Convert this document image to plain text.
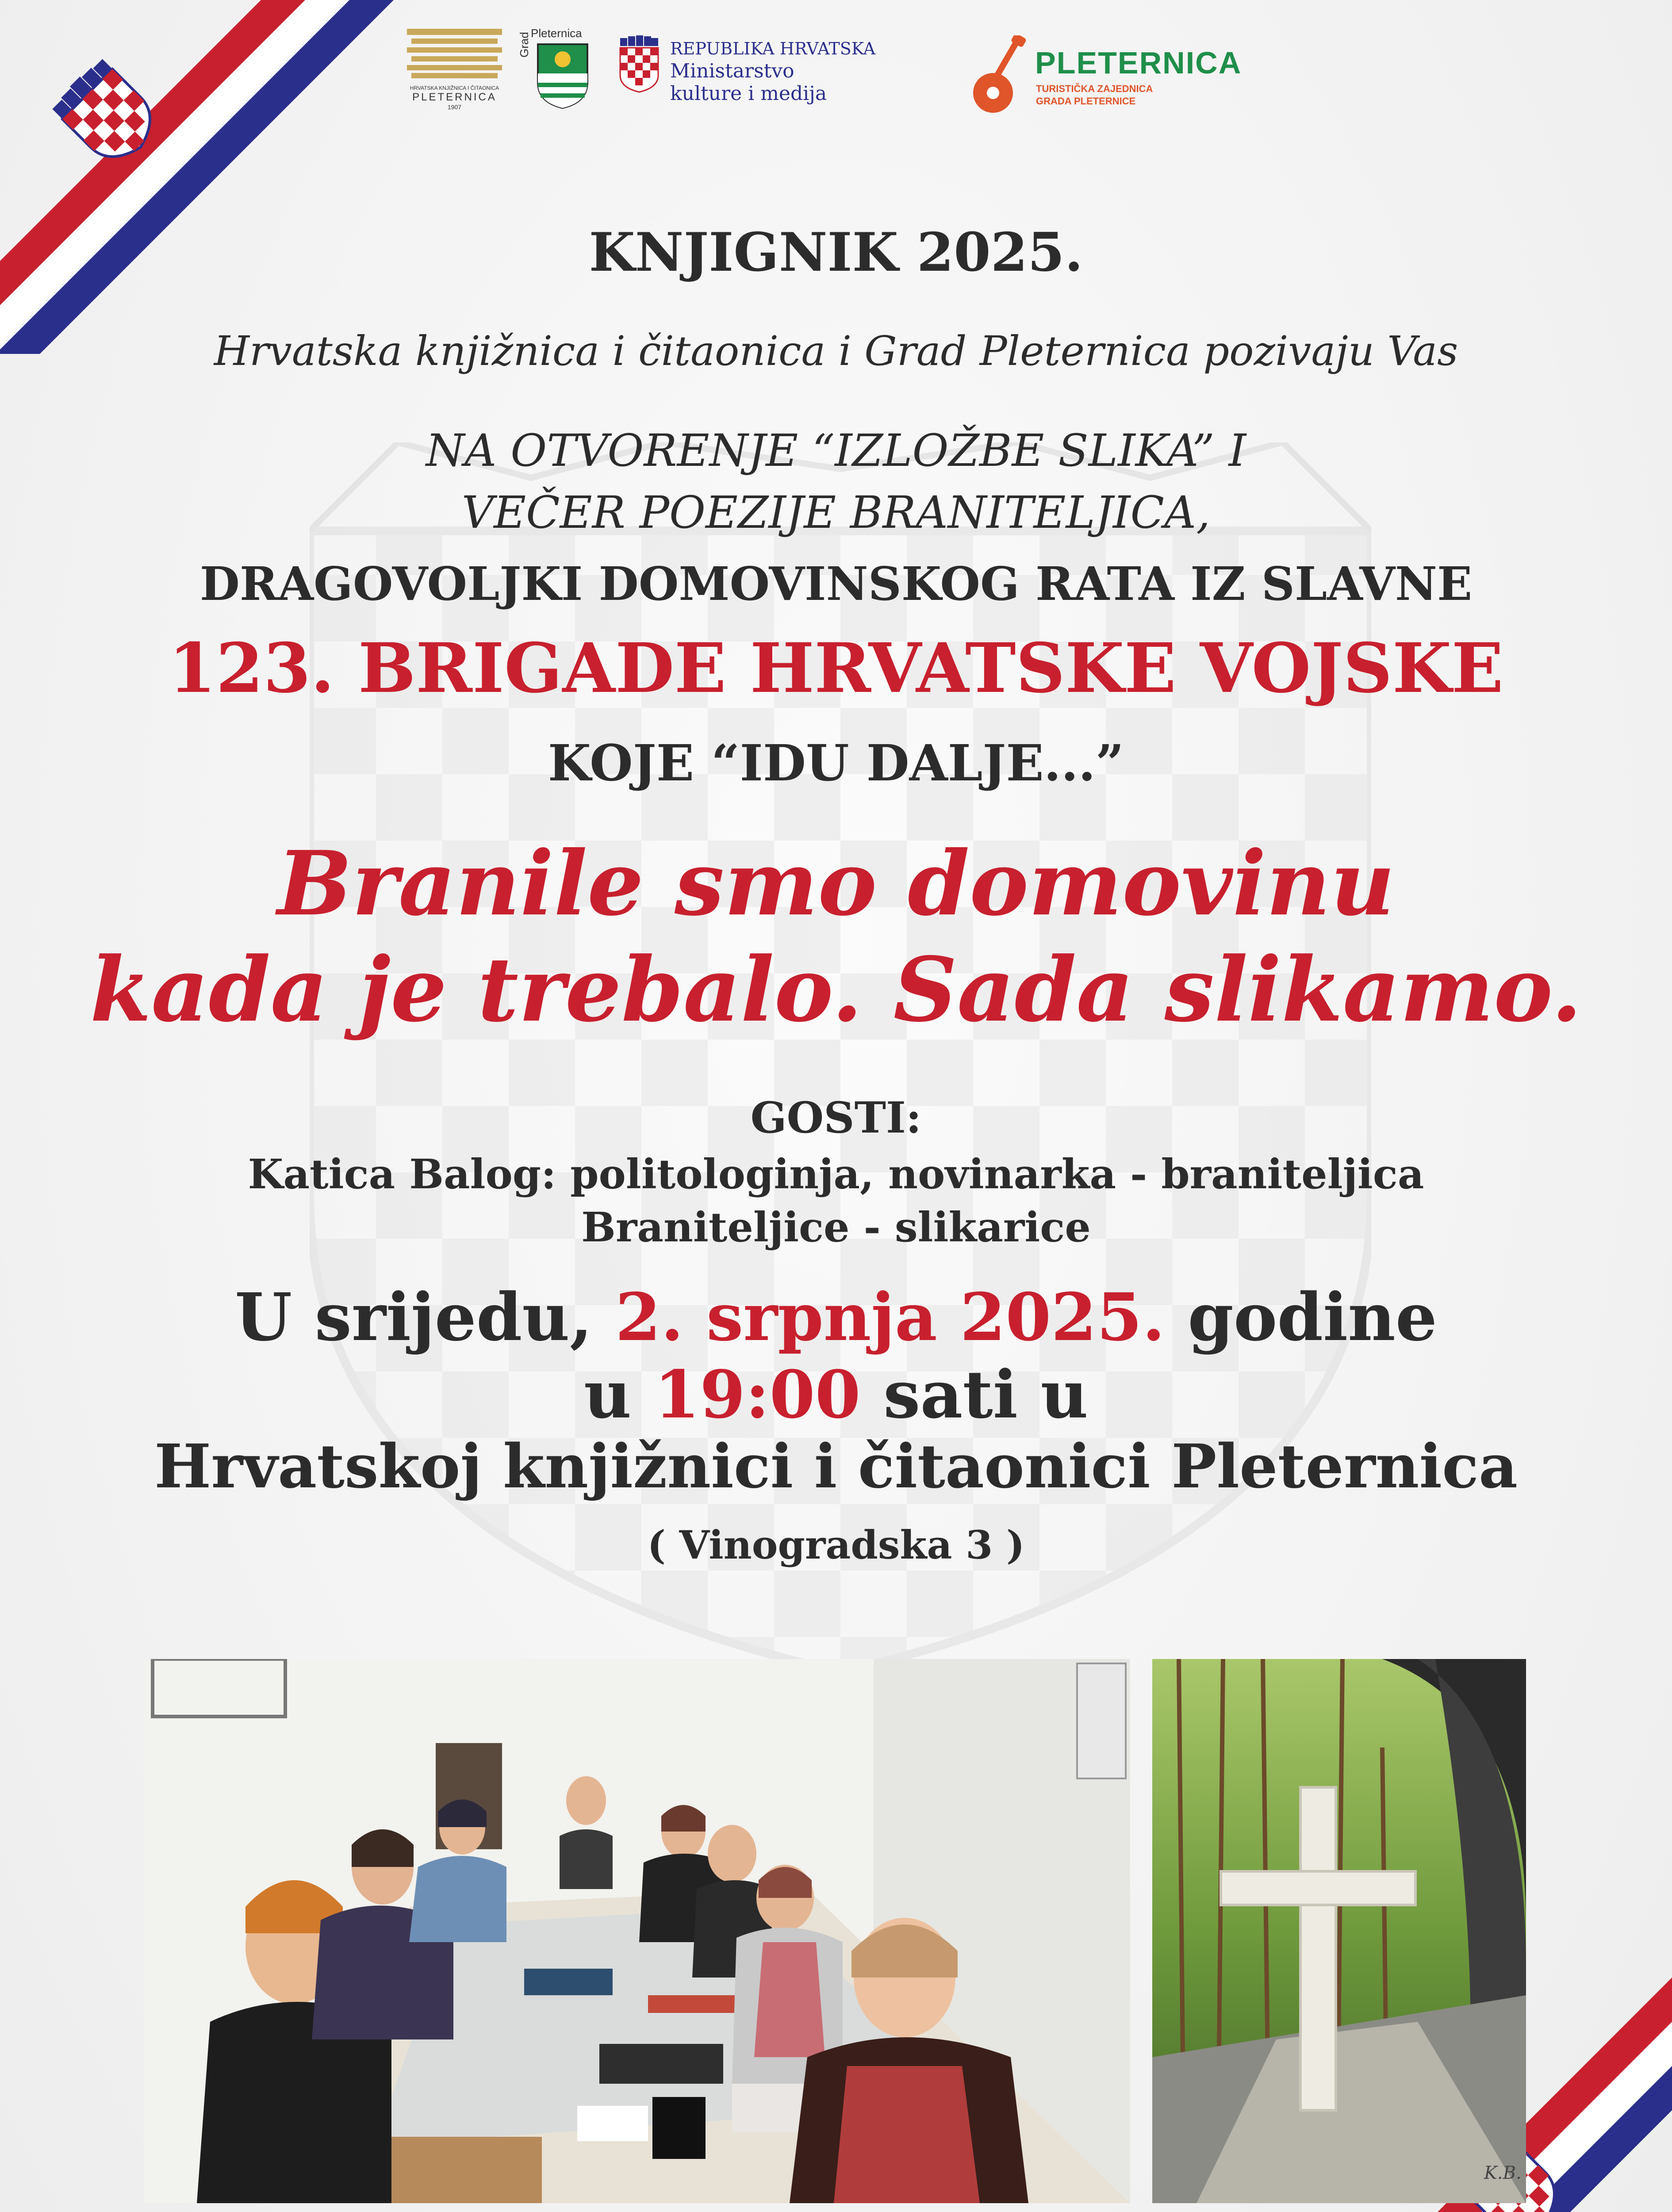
HRVATSKA KNJIŽNICA I ČITAONICA
PLETERNICA
1907
Grad Pleternica
REPUBLIKA HRVATSKA
Ministarstvo
kulture i medija
PLETERNICA
TURISTIČKA ZAJEDNICA
GRADA PLETERNICE
KNJIGNIK 2025.
Hrvatska knjižnica i čitaonica i Grad Pleternica pozivaju Vas
NA OTVORENJE “IZLOŽBE SLIKA” I
VEČER POEZIJE BRANITELJICA,
DRAGOVOLJKI DOMOVINSKOG RATA IZ SLAVNE
123. BRIGADE HRVATSKE VOJSKE
KOJE “IDU DALJE...”
Branile smo domovinu
kada je trebalo. Sada slikamo.
GOSTI:
Katica Balog: politologinja, novinarka - braniteljica
Braniteljice - slikarice
U srijedu, 2. srpnja 2025. godine
u 19:00 sati u
Hrvatskoj knjižnici i čitaonici Pleternica
( Vinogradska 3 )
K.B.
